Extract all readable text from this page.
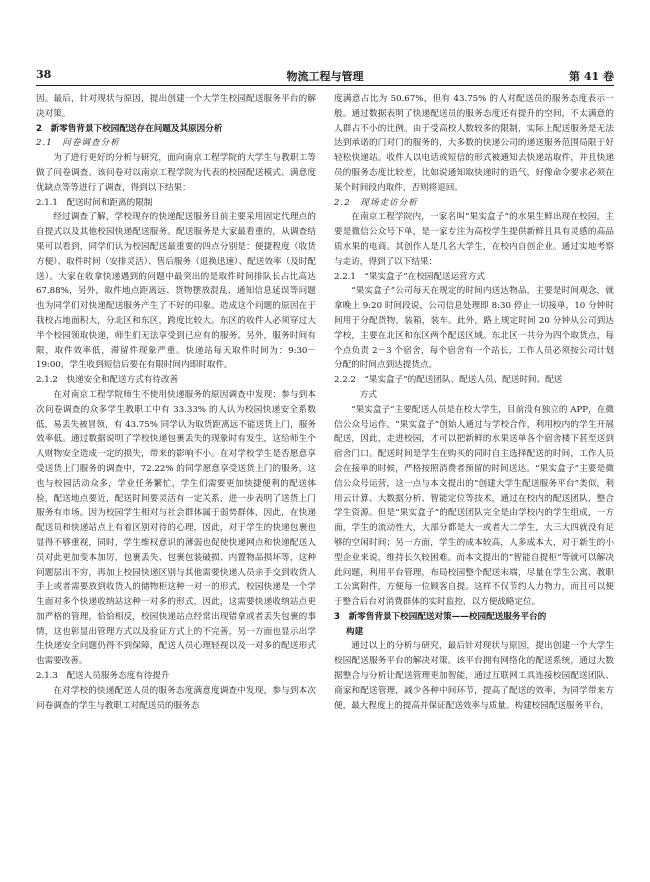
38	物流工程与管理	第 41 卷

因。最后，针对现状与原因，提出创建一个大学生校园配送服务平台的解决对策。

2　新零售背景下校园配送存在问题及其原因分析
2.1　问卷调查分析

为了进行更好的分析与研究，面向南京工程学院的大学生与教职工等做了问卷调查。该问卷对以南京工程学院为代表的校园配送模式、满意度优缺点等等进行了调查，得到以下结果：

2.1.1　配送时间和距离的限制

经过调查了解，学校现存的快递配送服务目前主要采用固定代理点的自提式以及其他校园快递配送服务。配送服务是大家最看重的，从调查结果可以看到，同学们认为校园配送最重要的四点分别是：便捷程度（收货方便）、取件时间（安排灵活）、售后服务（退换迅速）、配送效率（及时配送）。大家在收拿快递遇到的问题中最突出的是取件时间排队长占比高达 67.88%，另外，取件地点距离远、货物摆放混乱、通知信息延误等问题也为同学们对快递配送服务产生了不好的印象。造成这个问题的原因在于我校占地面积大，分北区和东区，跨度比较大。东区的收件人必须穿过大半个校园领取快递，师生们无法享受到已应有的服务。另外，服务时间有限，取件效率低，滞留件现象严重。快递站每天取件时间为：9:30－19:00，学生收到短信后要在有限时间内即时取件。

2.1.2　快递安全和配送方式有待改善

在对南京工程学院师生不使用快递服务的原因调查中发现：参与到本次问卷调查的众多学生教职工中有 33.33% 的人认为校园快递安全系数低，易丢失被冒领，有 43.75% 同学认为取货距离远不能送货上门，服务效率低。通过数据说明了学校快递包裹丢失的现象时有发生，这给师生个人财物安全造成一定的损失，带来的影响不小。在对学校学生是否愿意享受送货上门服务的调查中，72.22% 的同学愿意享受送货上门的服务，这也与校园活动众多，学业任务繁忙，学生们需要更加快捷便利的配送体验，配送地点要近，配送时间要灵活有一定关系，进一步表明了送货上门服务有市场。因为校园学生相对与社会群体属于弱势群体，因此，在快递配送员和快递站点上有着区别对待的心理，因此，对于学生的快递包裹也显得不够重视，同时，学生维权意识的薄弱也促使快递网点和快递配送人员对此更加变本加厉，包裹丢失、包裹包装破损、内置物品损坏等，这种问题层出不穷，再加上校园快递区别与其他需要快递人员亲手交到收货人手上或者需要放到收货人的储物柜这种一对一的形式，校园快递是一个学生面对多个快递收纳站这种一对多的形式，因此，这需要快递收纳站点更加严格的管理，恰恰相反，校园快递站点经常出现错拿或者丢失包裹的事情，这也彰显出管理方式以及验证方式上的不完善，另一方面也显示出学生快递安全问题仍得不到保障，配送人员心理轻视以及一对多的配送形式也需要改善。

2.1.3　配送人员服务态度有待提升

在对学校的快递配送人员的服务态度满意度调查中发现，参与到本次问卷调查的学生与教职工对配送员的服务态

度满意占比为 50.67%，但有 43.75% 的人对配送员的服务态度表示一般。通过数据表明了快递配送员的服务态度还有提升的空间，不太满意的人群占不小的比例。由于受高校人数较多的限制，实际上配送服务是无法达到承诺的门对门的服务的，大多数的快递公司的递送服务范围局限于好轻松快递站。收件人以电话或短信的形式被通知去快递站取件，并且快递员的服务态度比较差，比如说通知取快递时的语气，好像命令要求必须在某个时间段内取件，否则将退回。

2.2　现场走访分析

在南京工程学院内，一家名叫“果实盒子”的水果生鲜出现在校园，主要是微信公众号下单，是一家专注为高校学生提供新鲜且具有灵感的高品质水果的电商。其创作人是几名大学生，在校内自创企业。通过实地考察与走访，得到了以下结果：

2.2.1　“果实盒子”在校园配送运营方式

“果实盒子”公司每天在规定的时间内送达物品，主要是时间观念，就拿晚上 9:20 时间段说，公司信息处理即 8:30 停止一切接单，10 分钟时间用于分配货物，装箱，装车。此外，路上规定时间 20 分钟从公司到达学校，主要在北区和东区两个配送区域。东北区一共分为四个取货点，每个点负责 2－3 个宿舍，每个宿舍有一个站长，工作人员必须按公司计划分配的时间点到达提货点。

2.2.2　“果实盒子”的配送团队、配送人员、配送时间、配送
方式

“果实盒子”主要配送人员是在校大学生，目前没有独立的 APP，在微信公众号运作。“果实盒子”创始人通过与学校合作，利用校内的学生开展配送，因此，走进校园，才可以把新鲜的水果送单各个宿舍楼下甚至送到宿舍门口。配送时间是学生在购买的同时自主选择配送的时间，工作人员会在接单的时候，严格按照消费者预留的时间送达。“果实盒子”主要是微信公众号运营，这一点与本文提出的“创建大学生配送服务平台”类似，利用云计算、大数据分析、智能定位等技术，通过在校内的配送团队，整合学生资源。但是“果实盒子”的配送团队完全是由学校内的学生组成，一方面，学生的流动性大，大部分都是大一或者大二学生，大三大四就没有足够的空闲时间；另一方面，学生的成本较高，人多成本大，对于新生的小型企业来说，维持长久较困难。而本文提出的“智能自提柜”等就可以解决此问题，利用平台管理，布局校园整个配送末端，尽量在学生公寓、教职工公寓附件，方便每一位顾客自提。这样不仅节约人力物力，而且可以便于整合后台对消费群体的实时监控，以方便战略定位。

3　新零售背景下校园配送对策——校园配送服务平台的
构建

通过以上的分析与研究，最后针对现状与原因，提出创建一个大学生校园配送服务平台的解决对策。该平台拥有网络化的配送系统，通过大数据整合与分析让配送管理更加智能，通过互联网工具连接校园配送团队、商家和配送管理，减少各种中间环节，提高了配送的效率，为同学带来方便，最大程度上的提高并保证配送效率与质量。构建校园配送服务平台，
